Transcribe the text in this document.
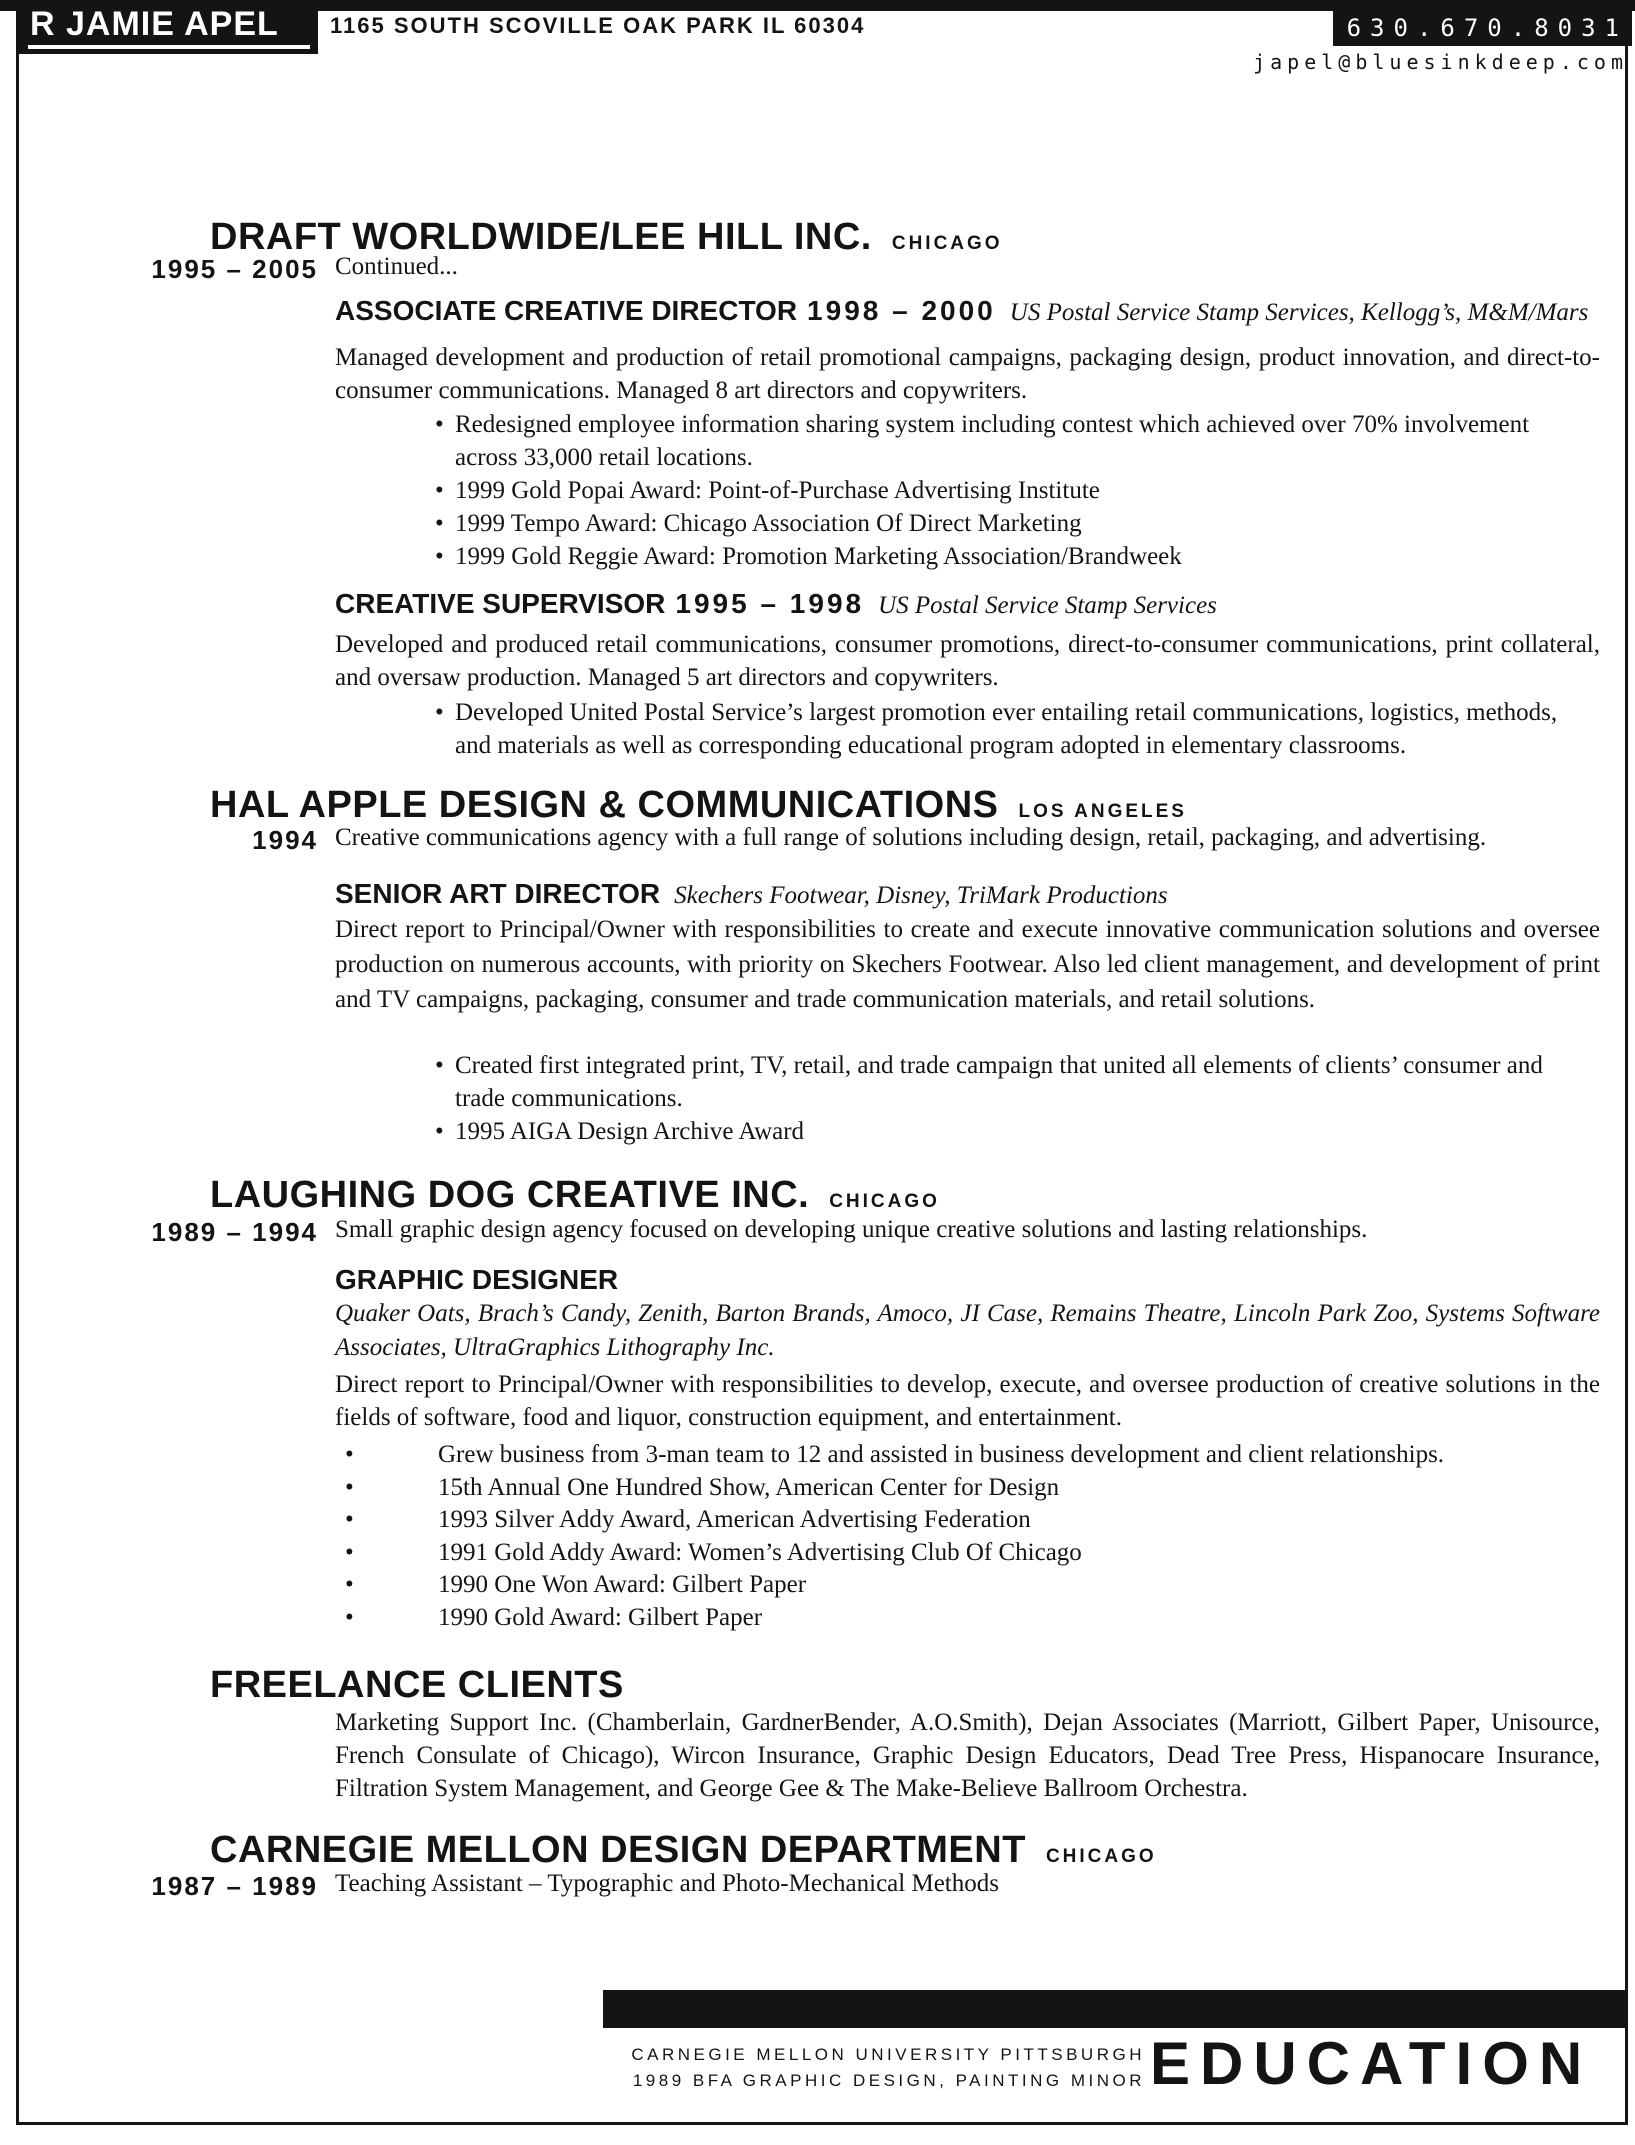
R JAMIE APEL 1165 SOUTH SCOVILLE OAK PARK IL 60304	630.670.8031
japel@bluesinkdeep.com
DRAFT WORLDWIDE/LEE HILL INC. CHICAGO
1995 – 2005 Continued...
ASSOCIATE CREATIVE DIRECTOR 1998 – 2000 US Postal Service Stamp Services, Kellogg’s, M&M/Mars
Managed development and production of retail promotional campaigns, packaging design, product innovation, and direct-to-consumer communications. Managed 8 art directors and copywriters.
• Redesigned employee information sharing system including contest which achieved over 70% involvement across 33,000 retail locations.
• 1999 Gold Popai Award: Point-of-Purchase Advertising Institute
• 1999 Tempo Award: Chicago Association Of Direct Marketing
• 1999 Gold Reggie Award: Promotion Marketing Association/Brandweek
CREATIVE SUPERVISOR 1995 – 1998 US Postal Service Stamp Services
Developed and produced retail communications, consumer promotions, direct-to-consumer communications, print collateral, and oversaw production. Managed 5 art directors and copywriters.
• Developed United Postal Service’s largest promotion ever entailing retail communications, logistics, methods, and materials as well as corresponding educational program adopted in elementary classrooms.
HAL APPLE DESIGN & COMMUNICATIONS LOS ANGELES
1994 Creative communications agency with a full range of solutions including design, retail, packaging, and advertising.
SENIOR ART DIRECTOR Skechers Footwear, Disney, TriMark Productions
Direct report to Principal/Owner with responsibilities to create and execute innovative communication solutions and oversee production on numerous accounts, with priority on Skechers Footwear. Also led client management, and development of print and TV campaigns, packaging, consumer and trade communication materials, and retail solutions.
• Created first integrated print, TV, retail, and trade campaign that united all elements of clients’ consumer and trade communications.
• 1995 AIGA Design Archive Award
LAUGHING DOG CREATIVE INC. CHICAGO
1989 – 1994 Small graphic design agency focused on developing unique creative solutions and lasting relationships.
GRAPHIC DESIGNER
Quaker Oats, Brach’s Candy, Zenith, Barton Brands, Amoco, JI Case, Remains Theatre, Lincoln Park Zoo, Systems Software Associates, UltraGraphics Lithography Inc.
Direct report to Principal/Owner with responsibilities to develop, execute, and oversee production of creative solutions in the fields of software, food and liquor, construction equipment, and entertainment.
• Grew business from 3-man team to 12 and assisted in business development and client relationships.
• 15th Annual One Hundred Show, American Center for Design
• 1993 Silver Addy Award, American Advertising Federation
• 1991 Gold Addy Award: Women’s Advertising Club Of Chicago
• 1990 One Won Award: Gilbert Paper
• 1990 Gold Award: Gilbert Paper
FREELANCE CLIENTS
Marketing Support Inc. (Chamberlain, GardnerBender, A.O.Smith), Dejan Associates (Marriott, Gilbert Paper, Unisource, French Consulate of Chicago), Wircon Insurance, Graphic Design Educators, Dead Tree Press, Hispanocare Insurance, Filtration System Management, and George Gee & The Make-Believe Ballroom Orchestra.
CARNEGIE MELLON DESIGN DEPARTMENT CHICAGO
1987 – 1989 Teaching Assistant – Typographic and Photo-Mechanical Methods
CARNEGIE MELLON UNIVERSITY PITTSBURGH
1989 BFA GRAPHIC DESIGN, PAINTING MINOR EDUCATION
